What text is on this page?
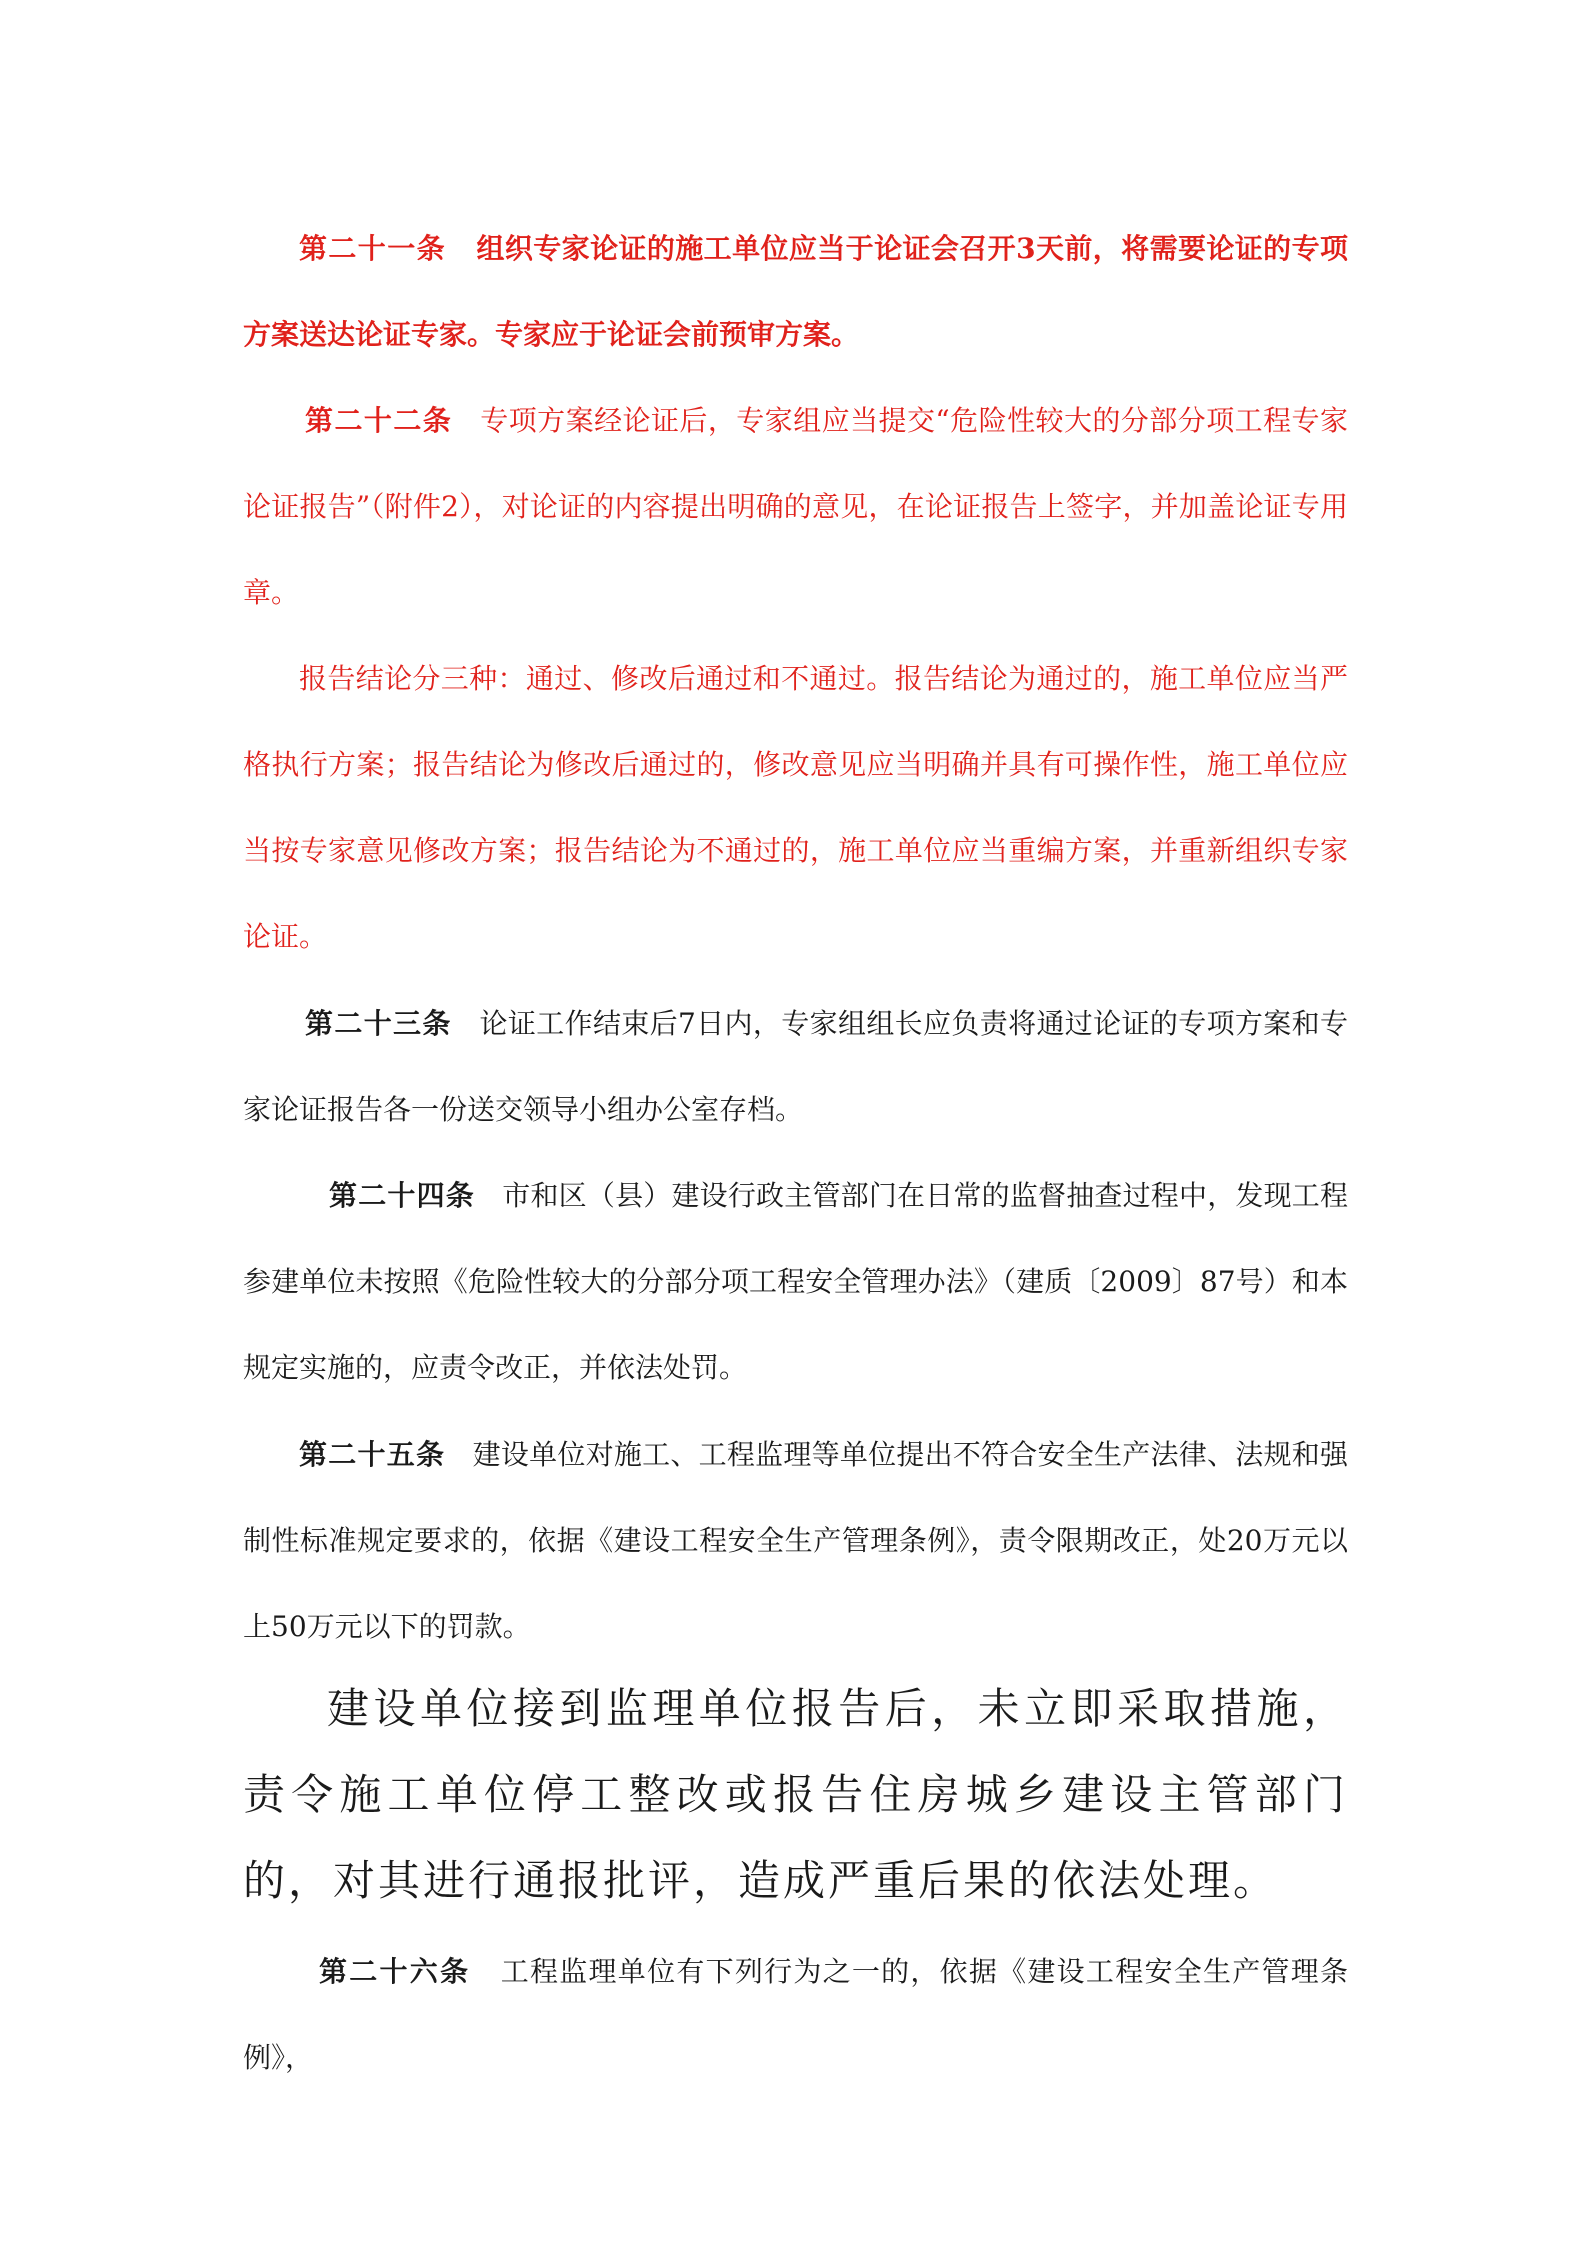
第二十一条 组织专家论证的施工单位应当于论证会召开3天前，将需要论证的专项方案送达论证专家。专家应于论证会前预审方案。

第二十二条 专项方案经论证后，专家组应当提交“危险性较大的分部分项工程专家论证报告”（附件2），对论证的内容提出明确的意见，在论证报告上签字，并加盖论证专用章。

报告结论分三种：通过、修改后通过和不通过。报告结论为通过的，施工单位应当严格执行方案；报告结论为修改后通过的，修改意见应当明确并具有可操作性，施工单位应当按专家意见修改方案；报告结论为不通过的，施工单位应当重编方案，并重新组织专家论证。

第二十三条 论证工作结束后7日内，专家组组长应负责将通过论证的专项方案和专家论证报告各一份送交领导小组办公室存档。

第二十四条 市和区（县）建设行政主管部门在日常的监督抽查过程中，发现工程参建单位未按照《危险性较大的分部分项工程安全管理办法》（建质〔2009〕87号）和本规定实施的，应责令改正，并依法处罚。

第二十五条 建设单位对施工、工程监理等单位提出不符合安全生产法律、法规和强制性标准规定要求的，依据《建设工程安全生产管理条例》，责令限期改正，处20万元以上50万元以下的罚款。

建设单位接到监理单位报告后，未立即采取措施，责令施工单位停工整改或报告住房城乡建设主管部门的，对其进行通报批评，造成严重后果的依法处理。

第二十六条 工程监理单位有下列行为之一的，依据《建设工程安全生产管理条例》，
